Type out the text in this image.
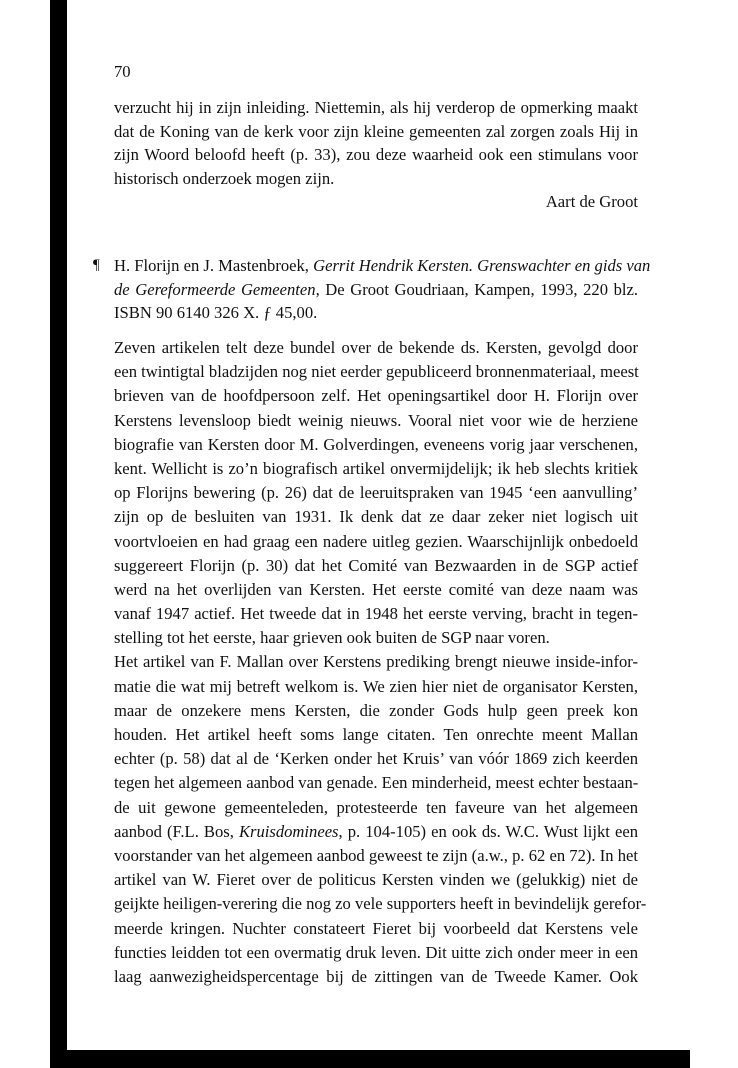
70
verzucht hij in zijn inleiding. Niettemin, als hij verderop de opmerking maakt
dat de Koning van de kerk voor zijn kleine gemeenten zal zorgen zoals Hij in
zijn Woord beloofd heeft (p. 33), zou deze waarheid ook een stimulans voor
historisch onderzoek mogen zijn.
Aart de Groot
¶ H. Florijn en J. Mastenbroek, Gerrit Hendrik Kersten. Grenswachter en gids van
de Gereformeerde Gemeenten, De Groot Goudriaan, Kampen, 1993, 220 blz.
ISBN 90 6140 326 X. ƒ 45,00.
Zeven artikelen telt deze bundel over de bekende ds. Kersten, gevolgd door
een twintigtal bladzijden nog niet eerder gepubliceerd bronnenmateriaal, meest
brieven van de hoofdpersoon zelf. Het openingsartikel door H. Florijn over
Kerstens levensloop biedt weinig nieuws. Vooral niet voor wie de herziene
biografie van Kersten door M. Golverdingen, eveneens vorig jaar verschenen,
kent. Wellicht is zo’n biografisch artikel onvermijdelijk; ik heb slechts kritiek
op Florijns bewering (p. 26) dat de leeruitspraken van 1945 ‘een aanvulling’
zijn op de besluiten van 1931. Ik denk dat ze daar zeker niet logisch uit
voortvloeien en had graag een nadere uitleg gezien. Waarschijnlijk onbedoeld
suggereert Florijn (p. 30) dat het Comité van Bezwaarden in de SGP actief
werd na het overlijden van Kersten. Het eerste comité van deze naam was
vanaf 1947 actief. Het tweede dat in 1948 het eerste verving, bracht in tegen-
stelling tot het eerste, haar grieven ook buiten de SGP naar voren.
Het artikel van F. Mallan over Kerstens prediking brengt nieuwe inside-infor-
matie die wat mij betreft welkom is. We zien hier niet de organisator Kersten,
maar de onzekere mens Kersten, die zonder Gods hulp geen preek kon
houden. Het artikel heeft soms lange citaten. Ten onrechte meent Mallan
echter (p. 58) dat al de ‘Kerken onder het Kruis’ van vóór 1869 zich keerden
tegen het algemeen aanbod van genade. Een minderheid, meest echter bestaan-
de uit gewone gemeenteleden, protesteerde ten faveure van het algemeen
aanbod (F.L. Bos, Kruisdominees, p. 104-105) en ook ds. W.C. Wust lijkt een
voorstander van het algemeen aanbod geweest te zijn (a.w., p. 62 en 72). In het
artikel van W. Fieret over de politicus Kersten vinden we (gelukkig) niet de
geijkte heiligen-verering die nog zo vele supporters heeft in bevindelijk gerefor-
meerde kringen. Nuchter constateert Fieret bij voorbeeld dat Kerstens vele
functies leidden tot een overmatig druk leven. Dit uitte zich onder meer in een
laag aanwezigheidspercentage bij de zittingen van de Tweede Kamer. Ook
